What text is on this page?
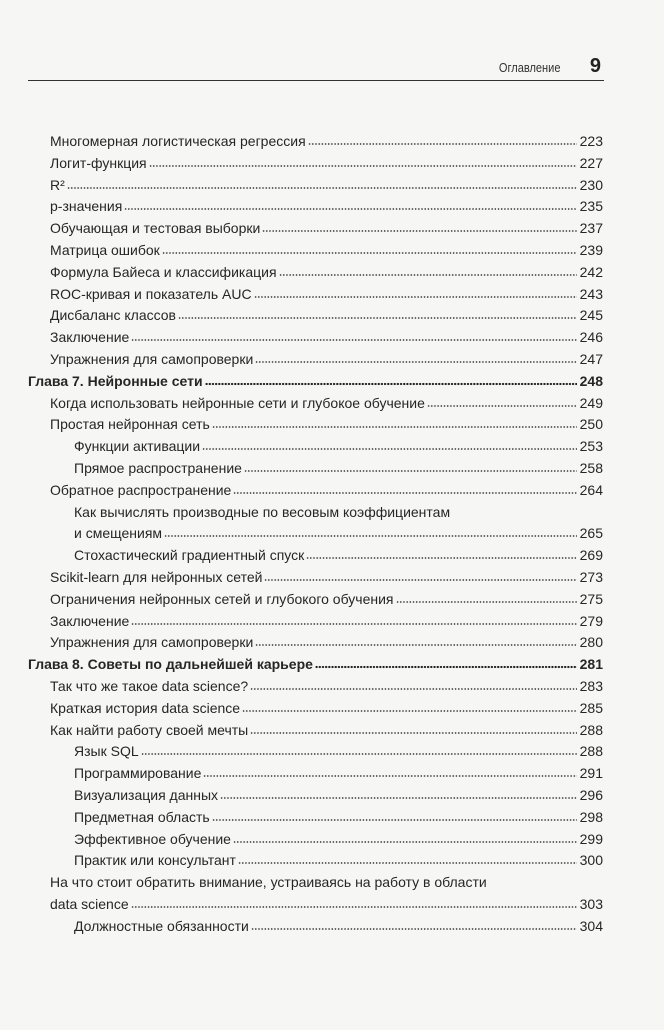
Оглавление 9
Многомерная логистическая регрессия	223
Логит-функция	227
R²	230
p-значения	235
Обучающая и тестовая выборки	237
Матрица ошибок	239
Формула Байеса и классификация	242
ROC-кривая и показатель AUC	243
Дисбаланс классов	245
Заключение	246
Упражнения для самопроверки	247
Глава 7. Нейронные сети	248
Когда использовать нейронные сети и глубокое обучение	249
Простая нейронная сеть	250
Функции активации	253
Прямое распространение	258
Обратное распространение	264
Как вычислять производные по весовым коэффициентам
и смещениям	265
Стохастический градиентный спуск	269
Scikit-learn для нейронных сетей	273
Ограничения нейронных сетей и глубокого обучения	275
Заключение	279
Упражнения для самопроверки	280
Глава 8. Советы по дальнейшей карьере	281
Так что же такое data science?	283
Краткая история data science	285
Как найти работу своей мечты	288
Язык SQL	288
Программирование	291
Визуализация данных	296
Предметная область	298
Эффективное обучение	299
Практик или консультант	300
На что стоит обратить внимание, устраиваясь на работу в области
data science	303
Должностные обязанности	304
